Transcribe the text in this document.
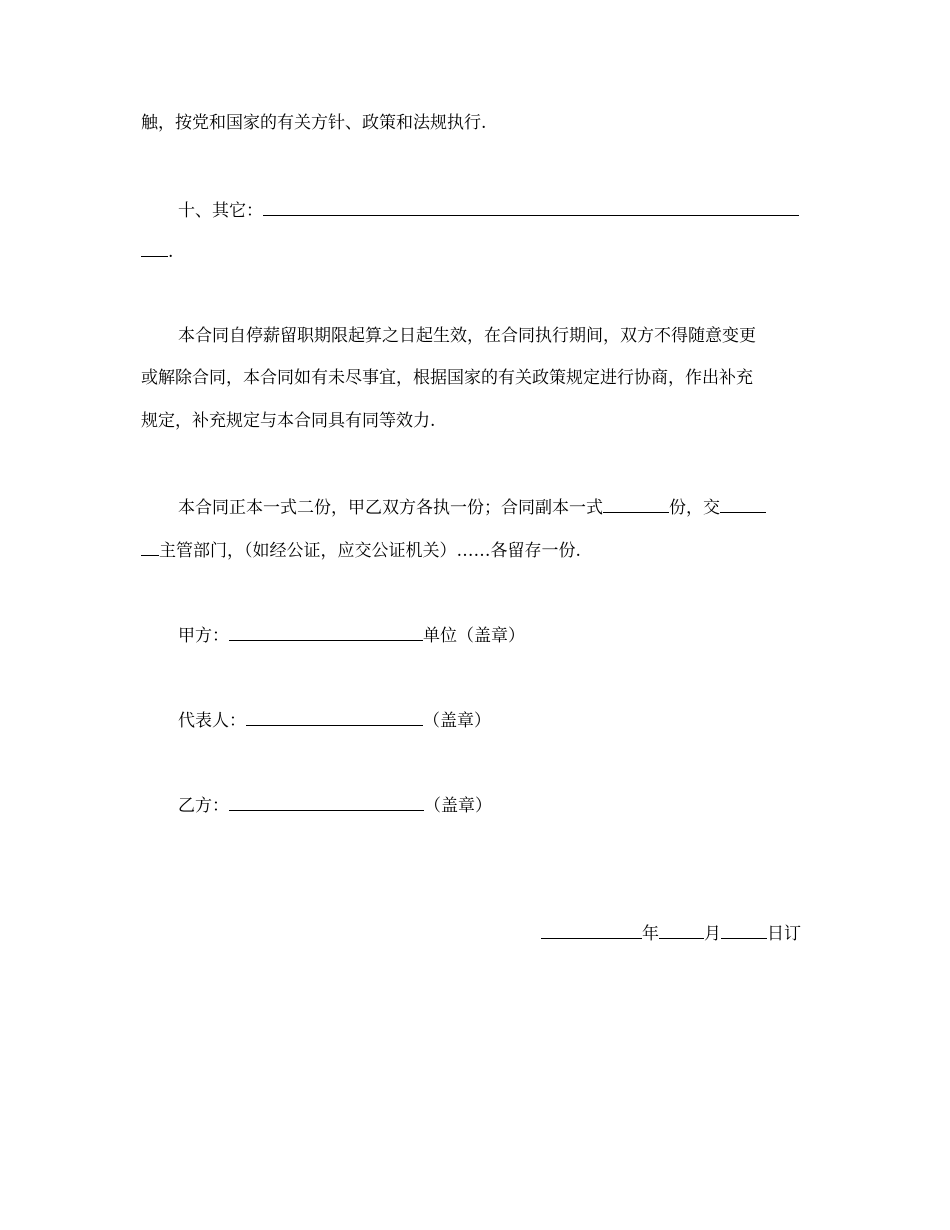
触，按党和国家的有关方针、政策和法规执行.
十、其它：
.
本合同自停薪留职期限起算之日起生效，在合同执行期间，双方不得随意变更
或解除合同，本合同如有未尽事宜，根据国家的有关政策规定进行协商，作出补充
规定，补充规定与本合同具有同等效力.
本合同正本一式二份，甲乙双方各执一份；合同副本一式	份，交
主管部门，（如经公证，应交公证机关）……各留存一份.
甲方：	单位（盖章）
代表人：	（盖章）
乙方：	（盖章）
年	月	日订
